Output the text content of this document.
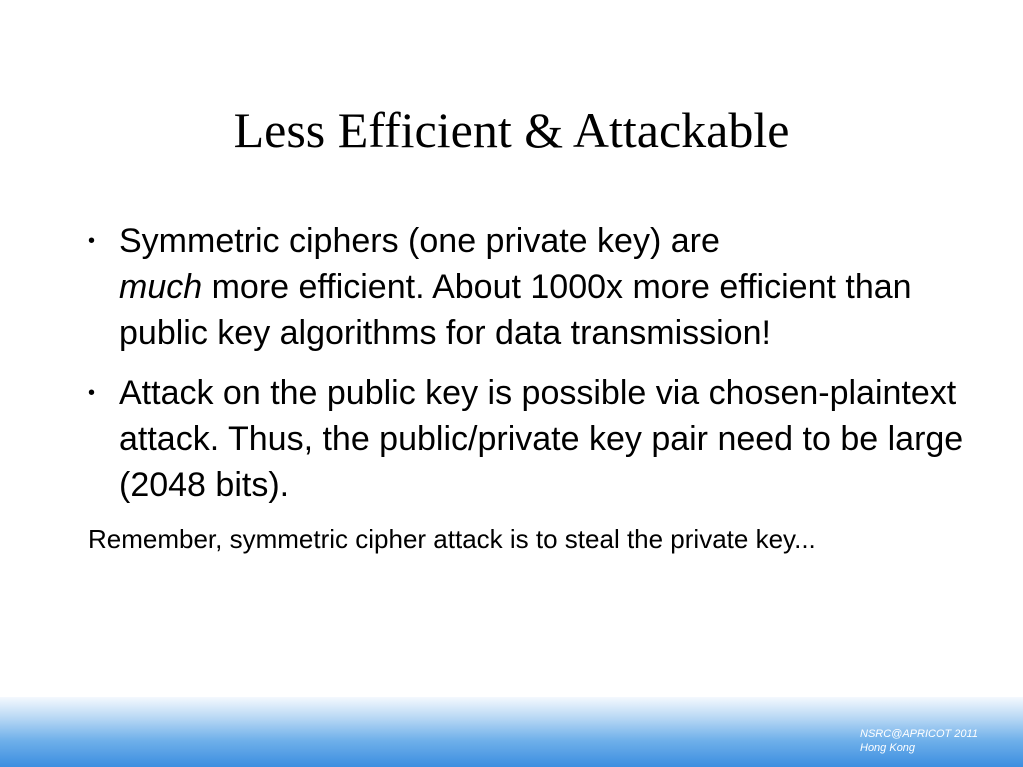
Less Efficient & Attackable
• Symmetric ciphers (one private key) are
much more efficient. About 1000x more efficient than public key algorithms for data transmission!
• Attack on the public key is possible via chosen-plaintext attack. Thus, the public/private key pair need to be large (2048 bits).
Remember, symmetric cipher attack is to steal the private key...
NSRC@APRICOT 2011
Hong Kong
